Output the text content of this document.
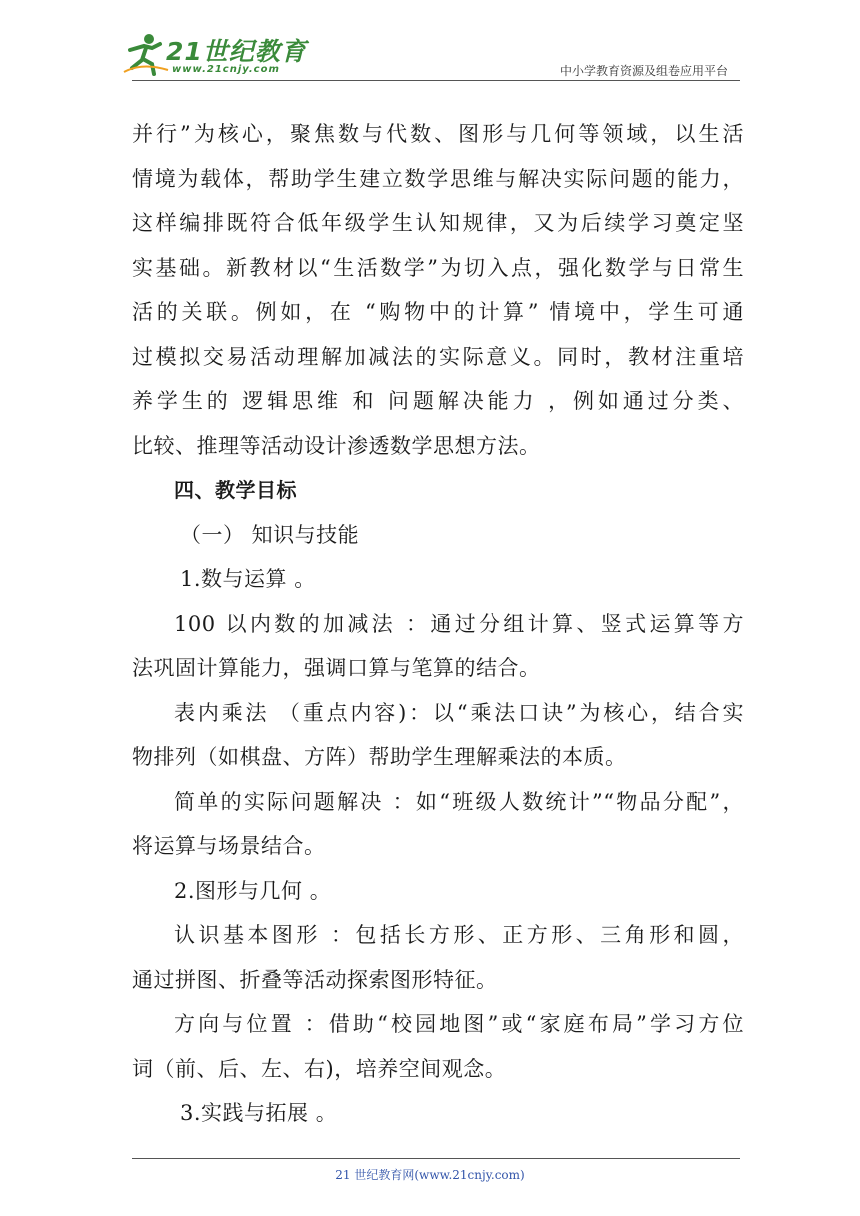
21世纪教育
www.21cnjy.com	中小学教育资源及组卷应用平台
并行”为核心，聚焦数与代数、图形与几何等领域，以生活
情境为载体，帮助学生建立数学思维与解决实际问题的能力，
这样编排既符合低年级学生认知规律，又为后续学习奠定坚
实基础。新教材以“生活数学”为切入点，强化数学与日常生
活的关联。例如，在 “购物中的计算” 情境中，学生可通
过模拟交易活动理解加减法的实际意义。同时，教材注重培
养学生的 逻辑思维 和 问题解决能力 ，例如通过分类、
比较、推理等活动设计渗透数学思想方法。
四、教学目标
（一） 知识与技能
1.数与运算 。
100 以内数的加减法 ：通过分组计算、竖式运算等方
法巩固计算能力，强调口算与笔算的结合。
表内乘法 （重点内容)：以“乘法口诀”为核心，结合实
物排列（如棋盘、方阵）帮助学生理解乘法的本质。
简单的实际问题解决 ：如“班级人数统计”“物品分配”，
将运算与场景结合。
2.图形与几何 。
认识基本图形 ：包括长方形、正方形、三角形和圆，
通过拼图、折叠等活动探索图形特征。
方向与位置 ：借助“校园地图”或“家庭布局”学习方位
词（前、后、左、右)，培养空间观念。
3.实践与拓展 。
21 世纪教育网(www.21cnjy.com)
